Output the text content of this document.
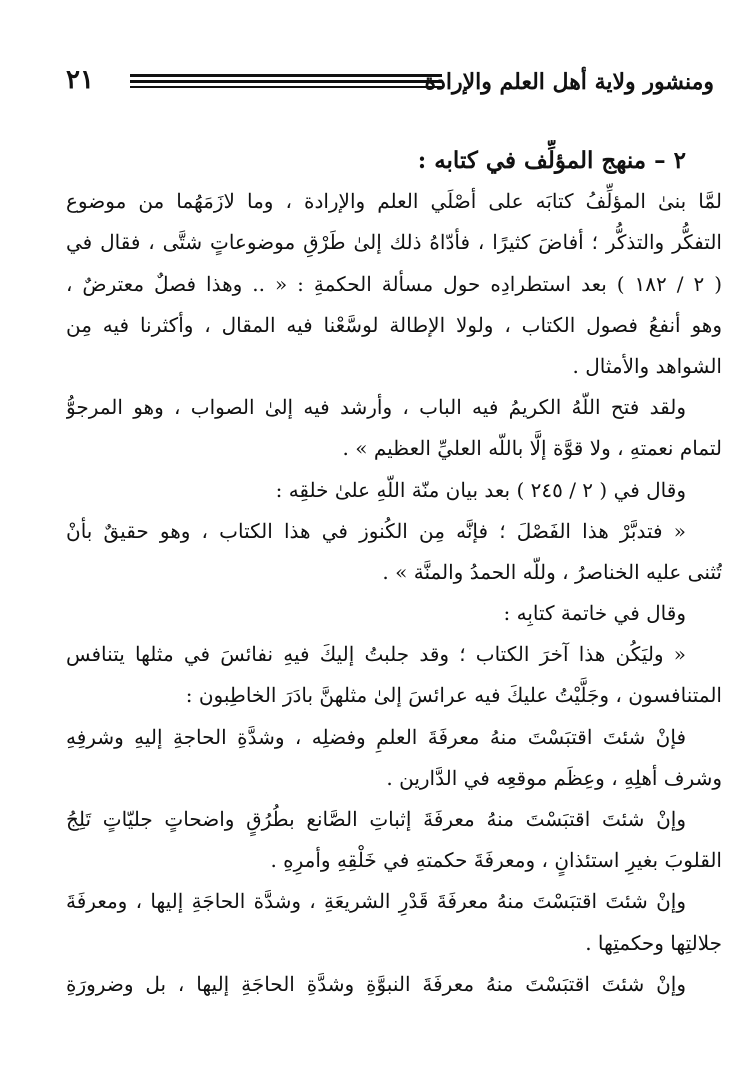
٢١	ومنشور ولاية أهل العلم والإرادة
٢ – منهج المؤلِّف في كتابه :
لمَّا بنىٰ المؤلِّفُ كتابَه على أصْلَي العلم والإرادة ، وما لازَمَهُما من موضوع
التفكُّر والتذكُّر ؛ أفاضَ كثيرًا ، فأدّاهُ ذلك إلىٰ طَرْقِ موضوعاتٍ شتَّى ، فقال في
( ٢ / ١٨٢ ) بعد استطرادِه حول مسألة الحكمةِ : « .. وهذا فصلٌ معترضٌ ،
وهو أنفعُ فصول الكتاب ، ولولا الإطالة لوسَّعْنا فيه المقال ، وأكثرنا فيه مِن
الشواهد والأمثال .
ولقد فتح اللّهُ الكريمُ فيه الباب ، وأرشد فيه إلىٰ الصواب ، وهو المرجوُّ
لتمام نعمتهِ ، ولا قوَّة إلَّا باللّه العليِّ العظيم » .
وقال في ( ٢ / ٢٤٥ ) بعد بيان منّة اللّهِ علىٰ خلقِه :
« فتدبَّرْ هذا الفَصْلَ ؛ فإنَّه مِن الكُنوز في هذا الكتاب ، وهو حقيقٌ بأنْ
تُثنى عليه الخناصرُ ، وللّه الحمدُ والمنَّة » .
وقال في خاتمة كتابِه :
« وليَكُن هذا آخرَ الكتاب ؛ وقد جلبتُ إليكَ فيهِ نفائسَ في مثلها يتنافس
المتنافسون ، وجَلَّيْتُ عليكَ فيه عرائسَ إلىٰ مثلهنَّ بادَرَ الخاطِبون :
فإنْ شئتَ اقتبَسْتَ منهُ معرفَةَ العلمِ وفضلِه ، وشدَّةِ الحاجةِ إليهِ وشرفِهِ
وشرف أهلِهِ ، وعِظَم موقعِه في الدَّارين .
وإنْ شئتَ اقتبَسْتَ منهُ معرفَةَ إثباتِ الصَّانع بطُرُقٍ واضحاتٍ جليّاتٍ تَلِجُ
القلوبَ بغيرِ استئذانٍ ، ومعرفَةَ حكمتهِ في خَلْقِهِ وأمرِهِ .
وإنْ شئتَ اقتبَسْتَ منهُ معرفَةَ قَدْرِ الشريعَةِ ، وشدَّة الحاجَةِ إليها ، ومعرفَةَ
جلالتِها وحكمتِها .
وإنْ شئتَ اقتبَسْتَ منهُ معرفَةَ النبوَّةِ وشدَّةِ الحاجَةِ إليها ، بل وضرورَةِ
